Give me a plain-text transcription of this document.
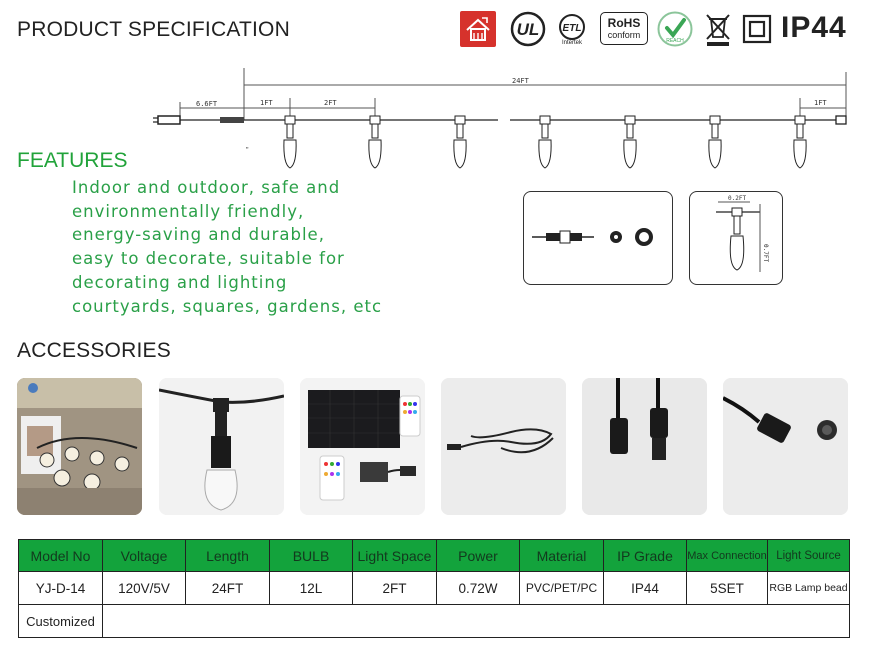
PRODUCT SPECIFICATION	UL ETL
Intertek
RoHS
conform
REACH	IP44
24FT
6.6FT	1FT	2FT	1FT
"
FEATURES
Indoor and outdoor, safe and
environmentally friendly,
energy-saving and durable,
easy to decorate, suitable for
decorating and lighting
courtyards, squares, gardens, etc
0.2FT
0.7FT
ACCESSORIES
Model No	Voltage	Length	BULB	Light Space	Power	Material	IP Grade	Max Connection	Light Source
YJ-D-14	120V/5V	24FT	12L	2FT	0.72W	PVC/PET/PC	IP44	5SET	RGB Lamp bead
Customized									
